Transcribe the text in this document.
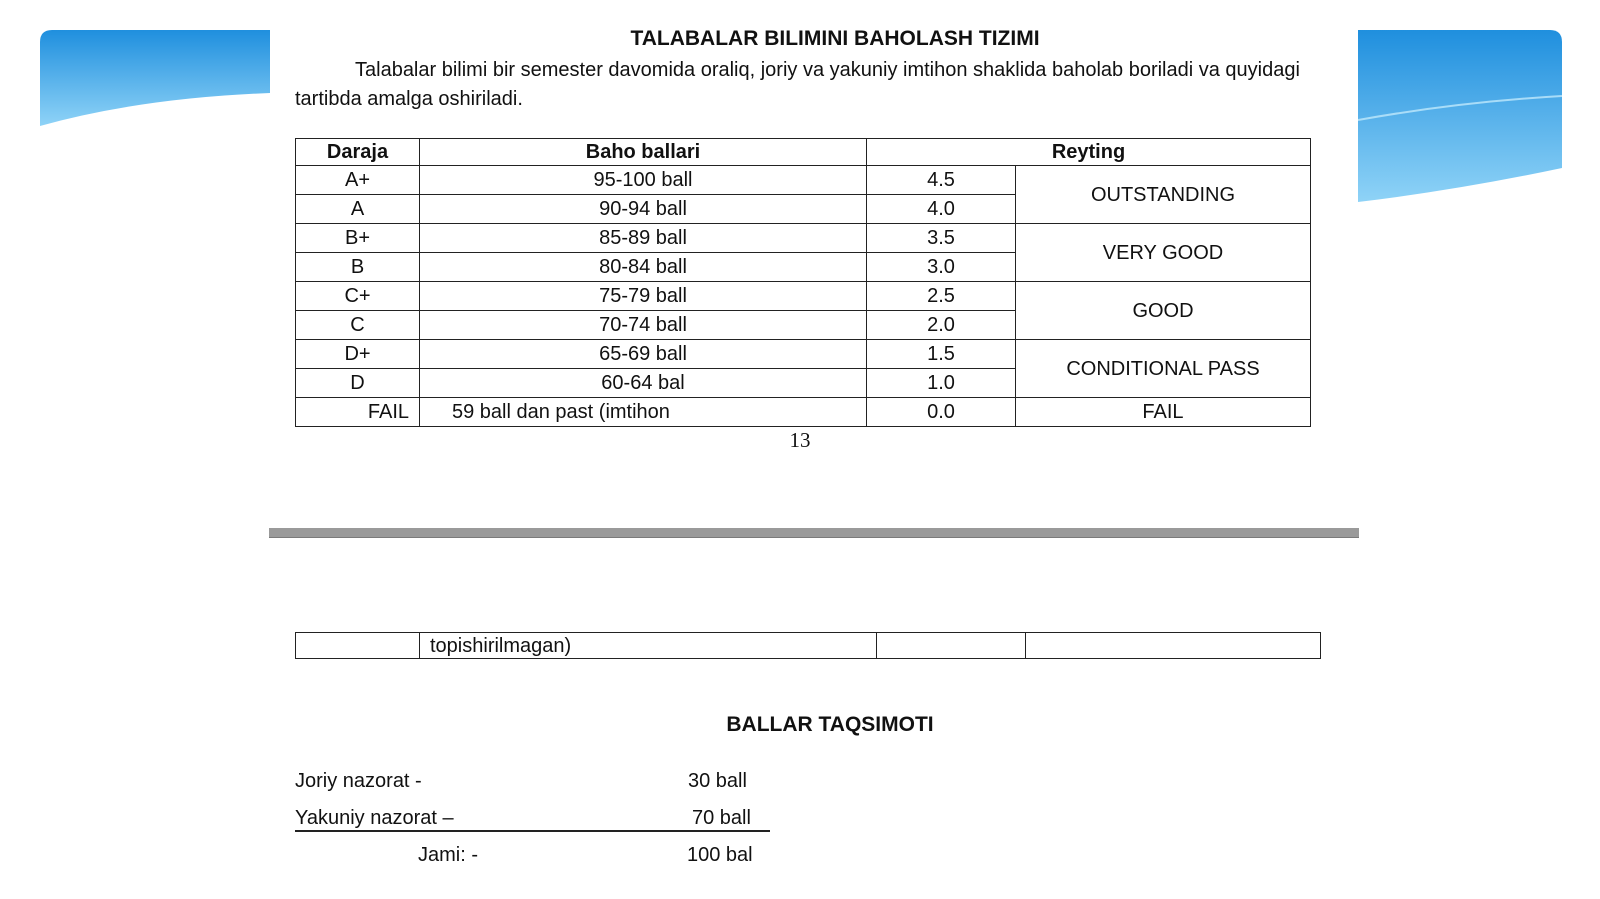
TALABALAR BILIMINI BAHOLASH TIZIMI

Talabalar bilimi bir semester davomida oraliq, joriy va yakuniy imtihon shaklida baholab boriladi va quyidagi tartibda amalga oshiriladi.

Daraja	Baho ballari	Reyting	
A+	95-100 ball	4.5	OUTSTANDING
A	90-94 ball	4.0	
B+	85-89 ball	3.5	VERY GOOD
B	80-84 ball	3.0	
C+	75-79 ball	2.5	GOOD
C	70-74 ball	2.0	
D+	65-69 ball	1.5	CONDITIONAL PASS
D	60-64 bal	1.0	
FAIL	59 ball dan past (imtihon	0.0	FAIL
13
	topishirilmagan)		
BALLAR TAQSIMOTI
Joriy nazorat -	30 ball
Yakuniy nazorat –	70 ball
Jami: -	100 bal
